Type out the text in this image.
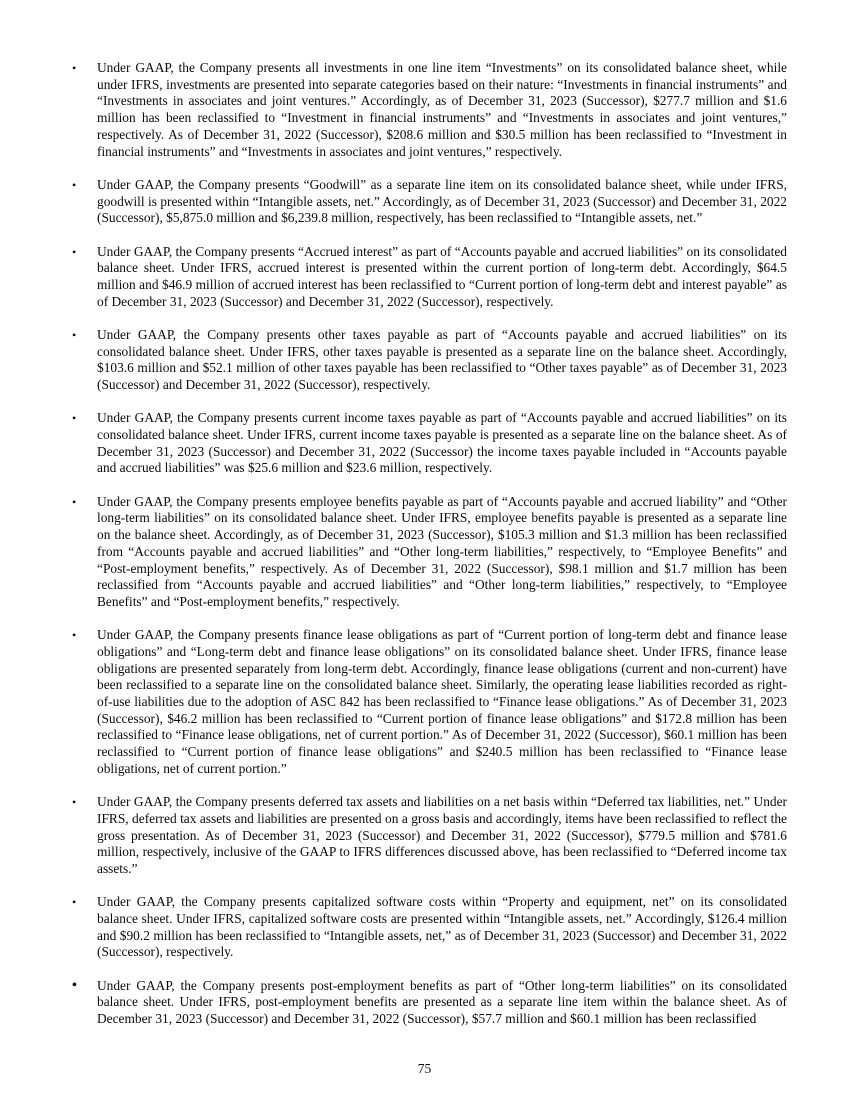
•	Under GAAP, the Company presents all investments in one line item “Investments” on its consolidated balance sheet, while under IFRS, investments are presented into separate categories based on their nature: “Investments in financial instruments” and “Investments in associates and joint ventures.” Accordingly, as of December 31, 2023 (Successor), $277.7 million and $1.6 million has been reclassified to “Investment in financial instruments” and “Investments in associates and joint ventures,” respectively. As of December 31, 2022 (Successor), $208.6 million and $30.5 million has been reclassified to “Investment in financial instruments” and “Investments in associates and joint ventures,” respectively.
•	Under GAAP, the Company presents “Goodwill” as a separate line item on its consolidated balance sheet, while under IFRS, goodwill is presented within “Intangible assets, net.” Accordingly, as of December 31, 2023 (Successor) and December 31, 2022 (Successor), $5,875.0 million and $6,239.8 million, respectively, has been reclassified to “Intangible assets, net.”
•	Under GAAP, the Company presents “Accrued interest” as part of “Accounts payable and accrued liabilities” on its consolidated balance sheet. Under IFRS, accrued interest is presented within the current portion of long-term debt. Accordingly, $64.5 million and $46.9 million of accrued interest has been reclassified to “Current portion of long-term debt and interest payable” as of December 31, 2023 (Successor) and December 31, 2022 (Successor), respectively.
•	Under GAAP, the Company presents other taxes payable as part of “Accounts payable and accrued liabilities” on its consolidated balance sheet. Under IFRS, other taxes payable is presented as a separate line on the balance sheet. Accordingly, $103.6 million and $52.1 million of other taxes payable has been reclassified to “Other taxes payable” as of December 31, 2023 (Successor) and December 31, 2022 (Successor), respectively.
•	Under GAAP, the Company presents current income taxes payable as part of “Accounts payable and accrued liabilities” on its consolidated balance sheet. Under IFRS, current income taxes payable is presented as a separate line on the balance sheet. As of December 31, 2023 (Successor) and December 31, 2022 (Successor) the income taxes payable included in “Accounts payable and accrued liabilities” was $25.6 million and $23.6 million, respectively.
•	Under GAAP, the Company presents employee benefits payable as part of “Accounts payable and accrued liability” and “Other long-term liabilities” on its consolidated balance sheet. Under IFRS, employee benefits payable is presented as a separate line on the balance sheet. Accordingly, as of December 31, 2023 (Successor), $105.3 million and $1.3 million has been reclassified from “Accounts payable and accrued liabilities” and “Other long-term liabilities,” respectively, to “Employee Benefits” and “Post-employment benefits,” respectively. As of December 31, 2022 (Successor), $98.1 million and $1.7 million has been reclassified from “Accounts payable and accrued liabilities” and “Other long-term liabilities,” respectively, to “Employee Benefits” and “Post-employment benefits,” respectively.
•	Under GAAP, the Company presents finance lease obligations as part of “Current portion of long-term debt and finance lease obligations” and “Long-term debt and finance lease obligations” on its consolidated balance sheet. Under IFRS, finance lease obligations are presented separately from long-term debt. Accordingly, finance lease obligations (current and non-current) have been reclassified to a separate line on the consolidated balance sheet. Similarly, the operating lease liabilities recorded as right-of-use liabilities due to the adoption of ASC 842 has been reclassified to “Finance lease obligations.” As of December 31, 2023 (Successor), $46.2 million has been reclassified to “Current portion of finance lease obligations” and $172.8 million has been reclassified to “Finance lease obligations, net of current portion.” As of December 31, 2022 (Successor), $60.1 million has been reclassified to “Current portion of finance lease obligations” and $240.5 million has been reclassified to “Finance lease obligations, net of current portion.”
•	Under GAAP, the Company presents deferred tax assets and liabilities on a net basis within “Deferred tax liabilities, net.” Under IFRS, deferred tax assets and liabilities are presented on a gross basis and accordingly, items have been reclassified to reflect the gross presentation. As of December 31, 2023 (Successor) and December 31, 2022 (Successor), $779.5 million and $781.6 million, respectively, inclusive of the GAAP to IFRS differences discussed above, has been reclassified to “Deferred income tax assets.”
•	Under GAAP, the Company presents capitalized software costs within “Property and equipment, net” on its consolidated balance sheet. Under IFRS, capitalized software costs are presented within “Intangible assets, net.” Accordingly, $126.4 million and $90.2 million has been reclassified to “Intangible assets, net,” as of December 31, 2023 (Successor) and December 31, 2022 (Successor), respectively.
•	Under GAAP, the Company presents post-employment benefits as part of “Other long-term liabilities” on its consolidated balance sheet. Under IFRS, post-employment benefits are presented as a separate line item within the balance sheet. As of December 31, 2023 (Successor) and December 31, 2022 (Successor), $57.7 million and $60.1 million has been reclassified
75
